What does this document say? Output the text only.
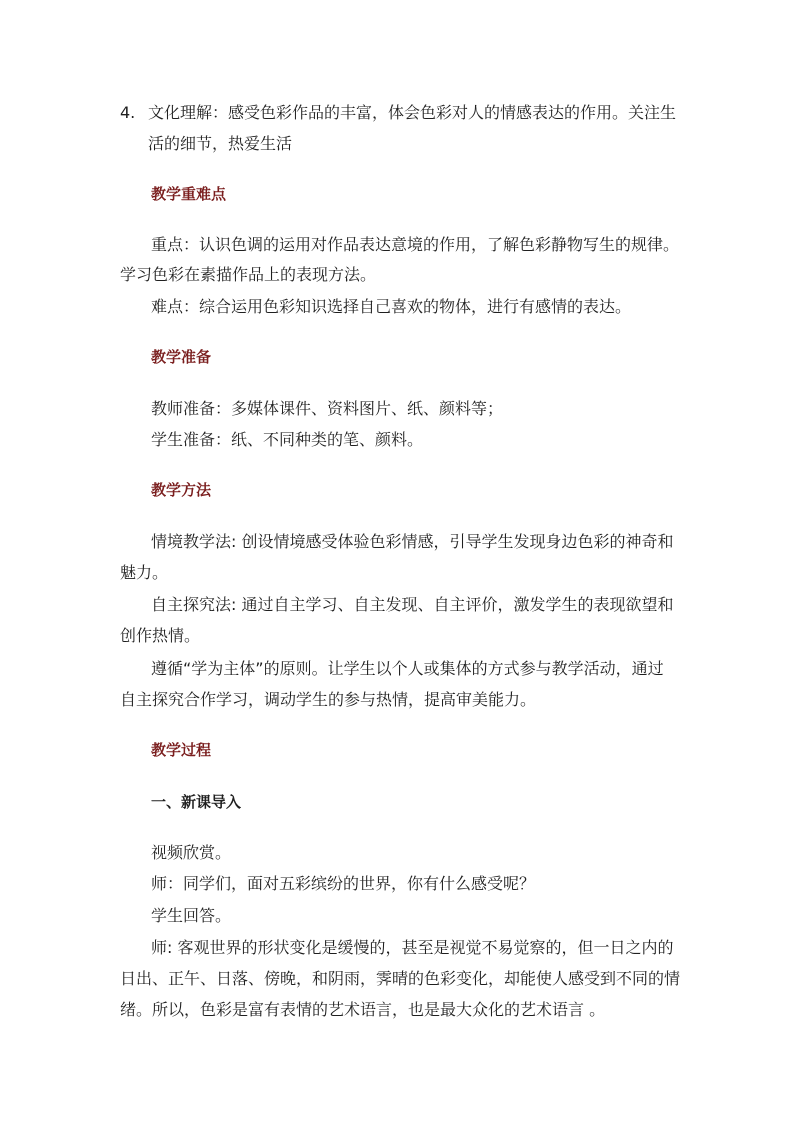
4. 文化理解：感受色彩作品的丰富，体会色彩对人的情感表达的作用。关注生
活的细节，热爱生活
教学重难点
重点：认识色调的运用对作品表达意境的作用，了解色彩静物写生的规律。
学习色彩在素描作品上的表现方法。
难点：综合运用色彩知识选择自己喜欢的物体，进行有感情的表达。
教学准备
教师准备：多媒体课件、资料图片、纸、颜料等；
学生准备：纸、不同种类的笔、颜料。
教学方法
情境教学法: 创设情境感受体验色彩情感，引导学生发现身边色彩的神奇和
魅力。
自主探究法: 通过自主学习、自主发现、自主评价，激发学生的表现欲望和
创作热情。
遵循“学为主体”的原则。让学生以个人或集体的方式参与教学活动，通过
自主探究合作学习，调动学生的参与热情，提高审美能力。
教学过程
一、新课导入
视频欣赏。
师：同学们，面对五彩缤纷的世界，你有什么感受呢？
学生回答。
师: 客观世界的形状变化是缓慢的，甚至是视觉不易觉察的，但一日之内的
日出、正午、日落、傍晚，和阴雨，霁晴的色彩变化，却能使人感受到不同的情
绪。所以，色彩是富有表情的艺术语言，也是最大众化的艺术语言 。
